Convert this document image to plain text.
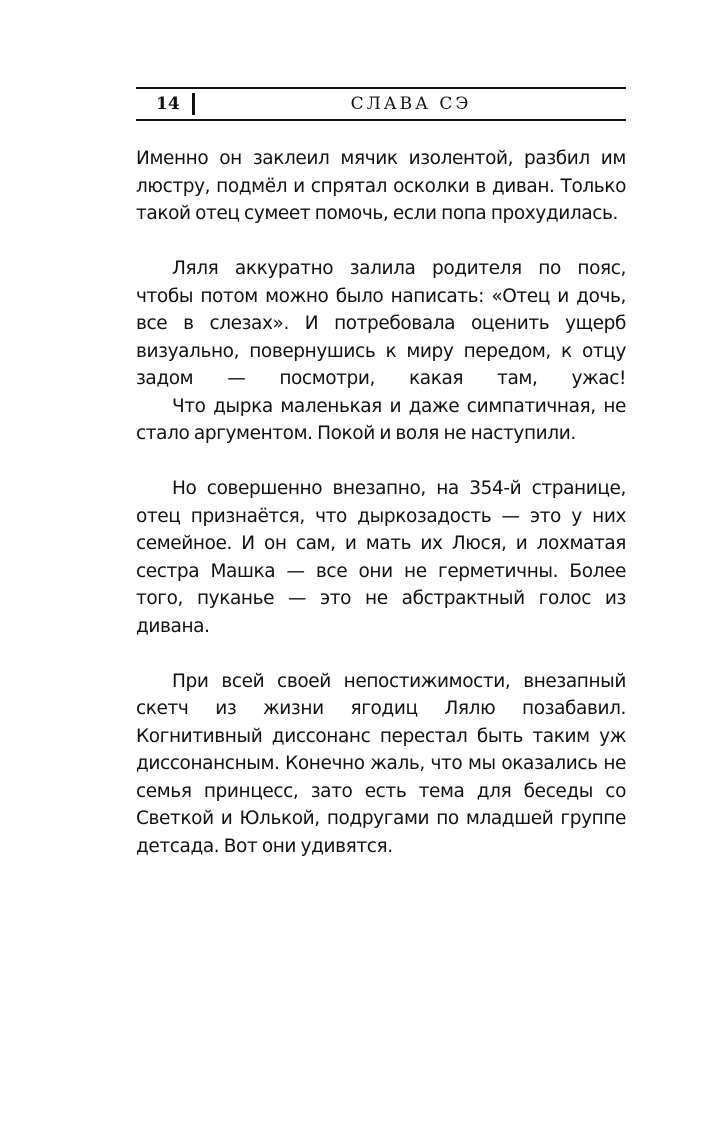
14	СЛАВА СЭ

Именно он заклеил мячик изолентой, разбил им люстру, подмёл и спрятал осколки в диван. Только такой отец сумеет помочь, если попа прохудилась.

Ляля аккуратно залила родителя по пояс, чтобы потом можно было написать: «Отец и дочь, все в слезах». И потребовала оценить ущерб визуально, повернушись к миру передом, к отцу задом — посмотри, какая там, ужас!

Что дырка маленькая и даже симпатичная, не стало аргументом. Покой и воля не наступили.

Но совершенно внезапно, на 354-й странице, отец признаётся, что дыркозадость — это у них семейное. И он сам, и мать их Люся, и лохматая сестра Машка — все они не герметичны. Более того, пуканье — это не абстрактный голос из дивана.

При всей своей непостижимости, внезапный скетч из жизни ягодиц Лялю позабавил. Когнитивный диссонанс перестал быть таким уж диссонансным. Конечно жаль, что мы оказались не семья принцесс, зато есть тема для беседы со Светкой и Юлькой, подругами по младшей группе детсада. Вот они удивятся.
